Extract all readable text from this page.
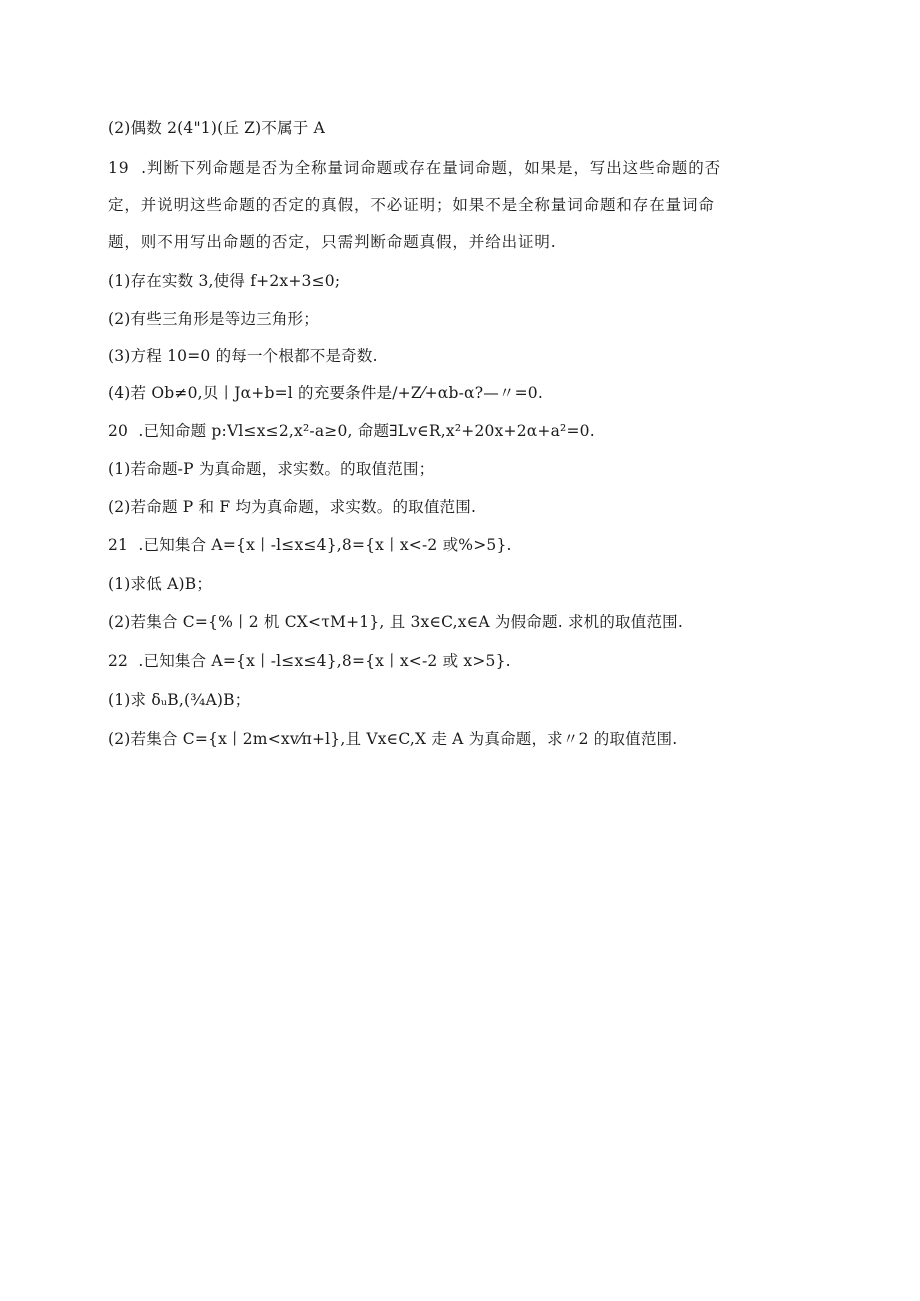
(2)偶数 2(4"1)(丘 Z)不属于 A
19  .判断下列命题是否为全称量词命题或存在量词命题，如果是，写出这些命题的否
定，并说明这些命题的否定的真假，不必证明；如果不是全称量词命题和存在量词命
题，则不用写出命题的否定，只需判断命题真假，并给出证明.
(1)存在实数 3,使得 f+2x+3≤0;
(2)有些三角形是等边三角形；
(3)方程 10=0 的每一个根都不是奇数.
(4)若 Ob≠0,贝丨Jα+b=l 的充要条件是/+Z⁄+αb-α?—〃=0.
20  .已知命题 p:Vl≤x≤2,x²-a≥0, 命题∃Lv∈R,x²+20x+2α+a²=0.
(1)若命题-P 为真命题，求实数。的取值范围；
(2)若命题 P 和 F 均为真命题，求实数。的取值范围.
21  .已知集合 A={x丨-l≤x≤4},8={x丨x<-2 或%>5}.
(1)求低 A)B；
(2)若集合 C={%丨2 机 CX<τM+1}, 且 3x∈C,x∈A 为假命题. 求机的取值范围.
22  .已知集合 A={x丨-l≤x≤4},8={x丨x<-2 或 x>5}.
(1)求 δᵤB,(¾A)B；
(2)若集合 C={x丨2m<xv⁄π+l},且 Vx∈C,X 走 A 为真命题，求〃2 的取值范围.
